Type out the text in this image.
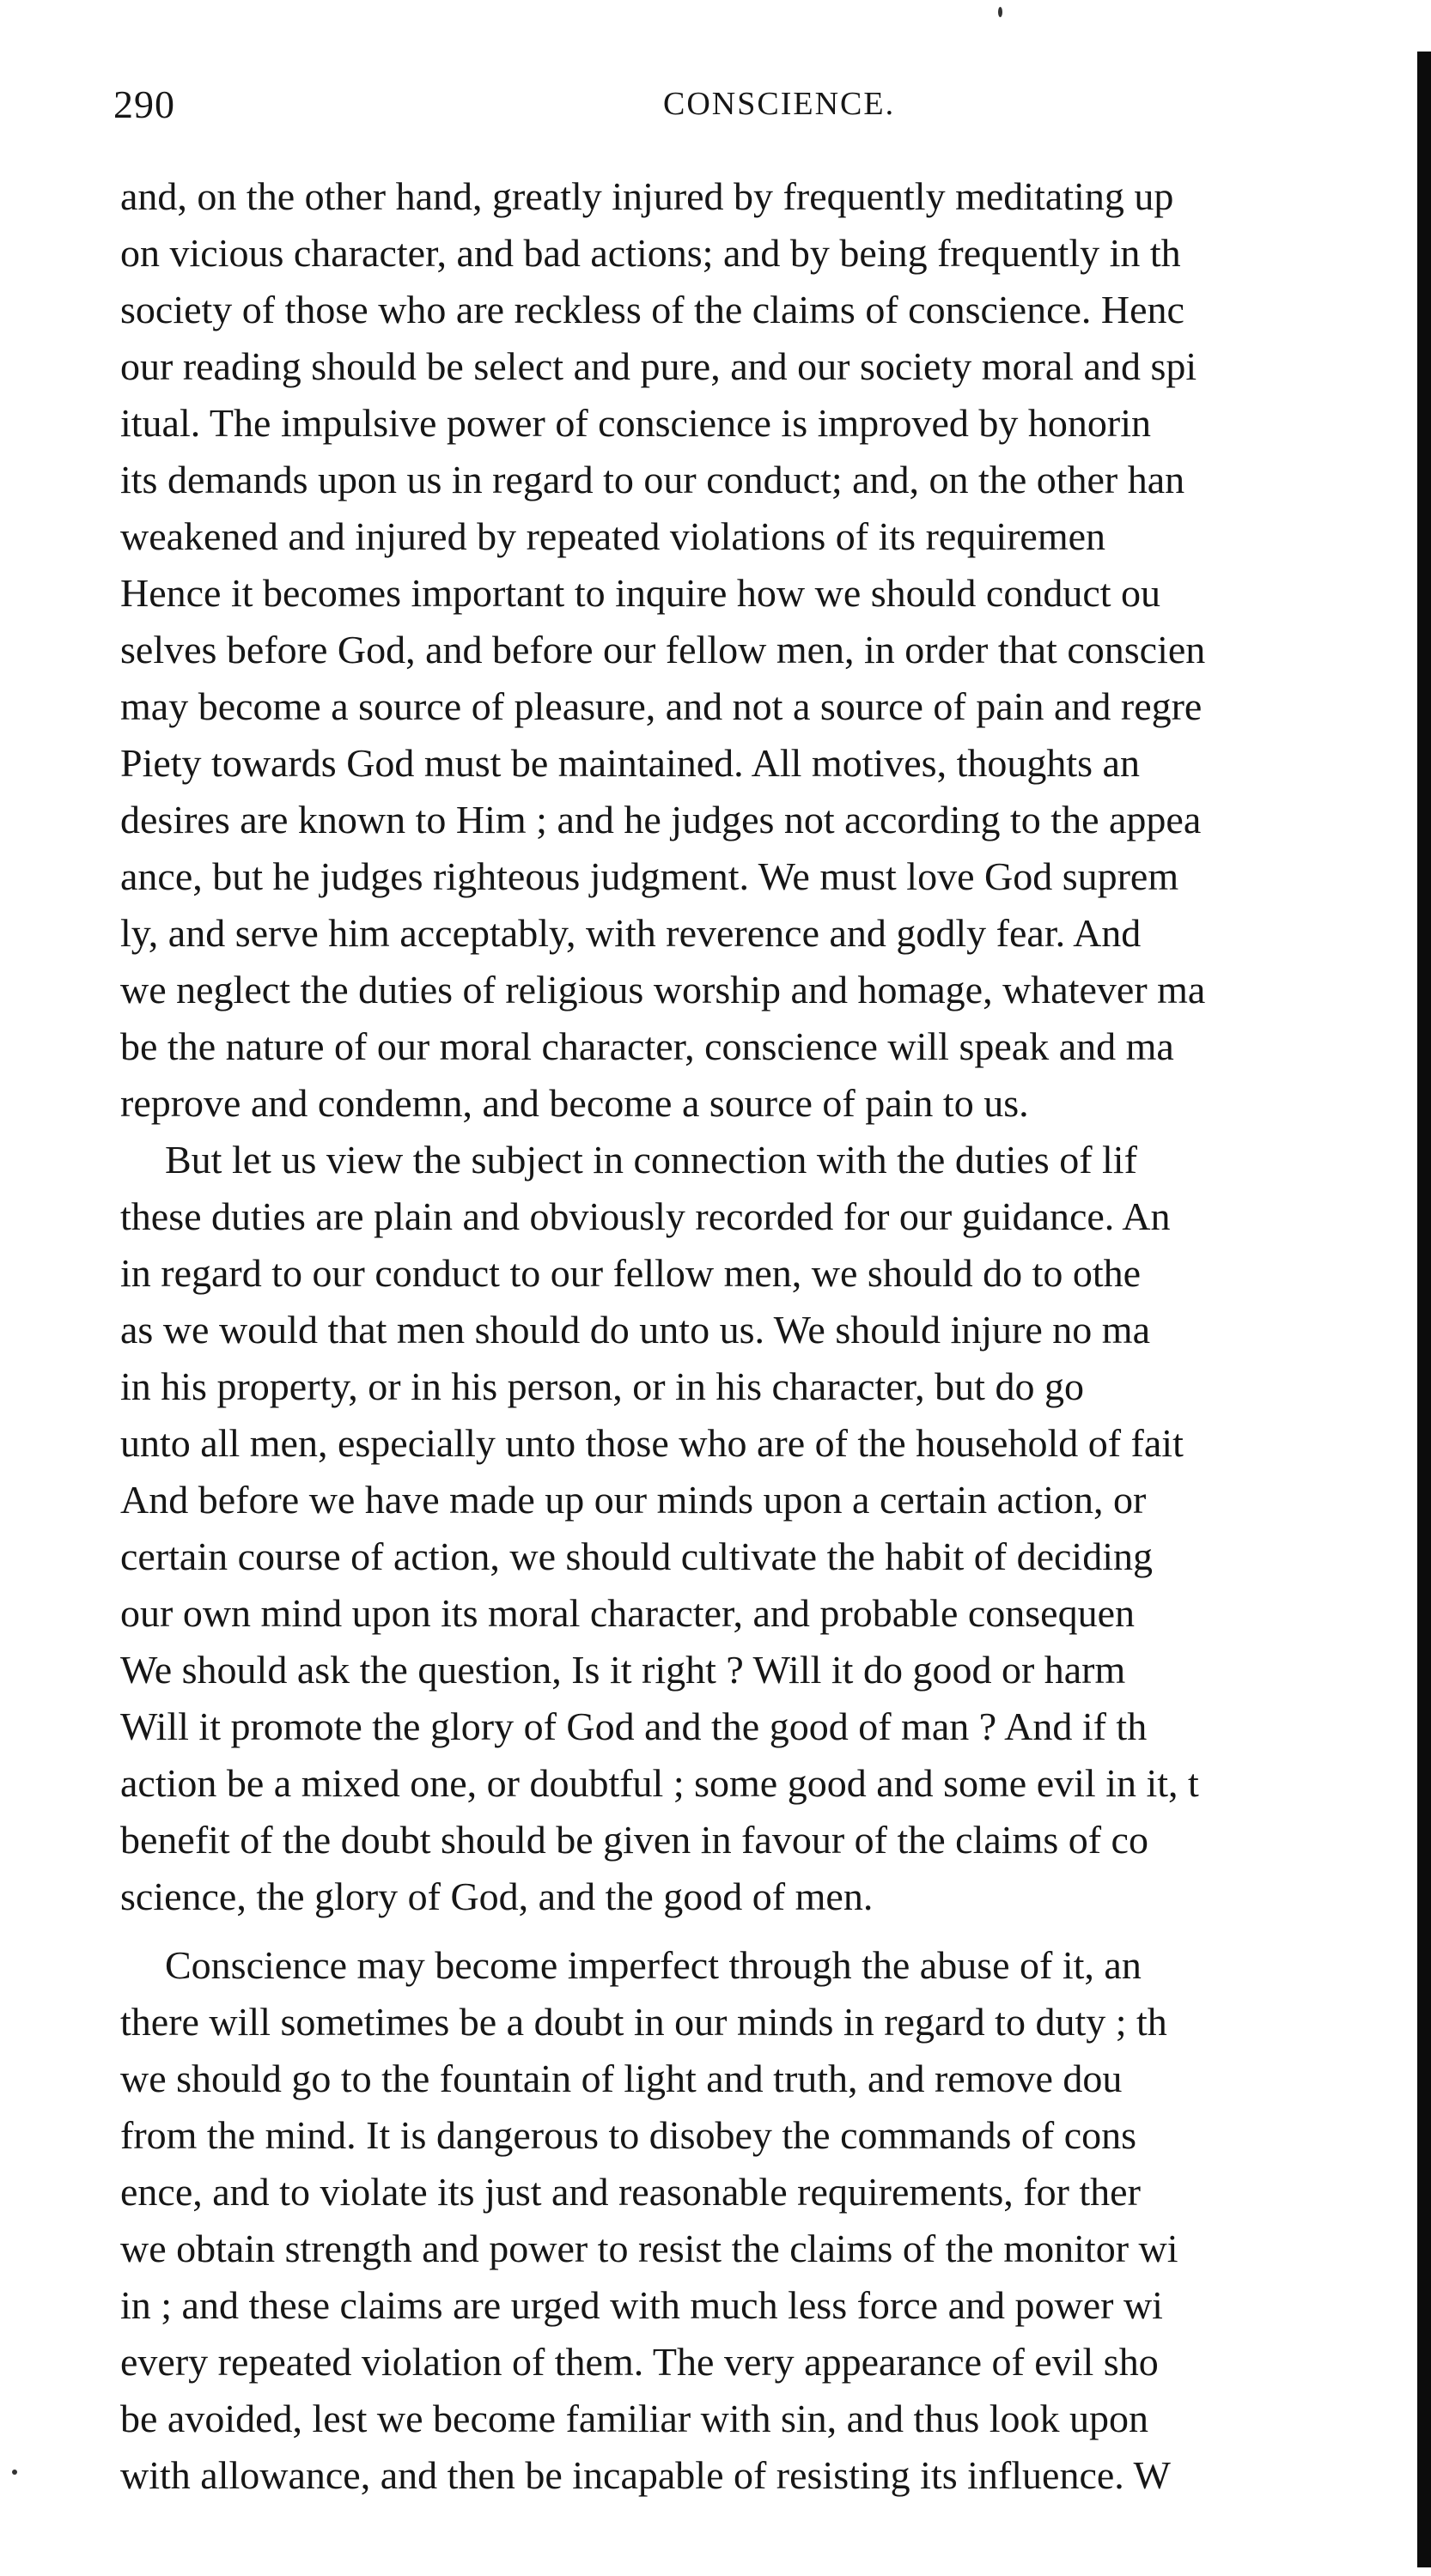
290	CONSCIENCE.
and, on the other hand, greatly injured by frequently meditating up
on vicious character, and bad actions; and by being frequently in th
society of those who are reckless of the claims of conscience. Henc
our reading should be select and pure, and our society moral and spi
itual. The impulsive power of conscience is improved by honorin
its demands upon us in regard to our conduct; and, on the other han
weakened and injured by repeated violations of its requiremen
Hence it becomes important to inquire how we should conduct ou
selves before God, and before our fellow men, in order that conscien
may become a source of pleasure, and not a source of pain and regre
Piety towards God must be maintained. All motives, thoughts an
desires are known to Him ; and he judges not according to the appea
ance, but he judges righteous judgment. We must love God suprem
ly, and serve him acceptably, with reverence and godly fear. And
we neglect the duties of religious worship and homage, whatever ma
be the nature of our moral character, conscience will speak and ma
reprove and condemn, and become a source of pain to us.
But let us view the subject in connection with the duties of lif
these duties are plain and obviously recorded for our guidance. An
in regard to our conduct to our fellow men, we should do to othe
as we would that men should do unto us. We should injure no ma
in his property, or in his person, or in his character, but do go
unto all men, especially unto those who are of the household of fait
And before we have made up our minds upon a certain action, or
certain course of action, we should cultivate the habit of deciding
our own mind upon its moral character, and probable consequen
We should ask the question, Is it right ? Will it do good or harm
Will it promote the glory of God and the good of man ? And if th
action be a mixed one, or doubtful ; some good and some evil in it, t
benefit of the doubt should be given in favour of the claims of co
science, the glory of God, and the good of men.
Conscience may become imperfect through the abuse of it, an
there will sometimes be a doubt in our minds in regard to duty ; th
we should go to the fountain of light and truth, and remove dou
from the mind. It is dangerous to disobey the commands of cons
ence, and to violate its just and reasonable requirements, for ther
we obtain strength and power to resist the claims of the monitor wi
in ; and these claims are urged with much less force and power wi
every repeated violation of them. The very appearance of evil sho
be avoided, lest we become familiar with sin, and thus look upon
with allowance, and then be incapable of resisting its influence. W
